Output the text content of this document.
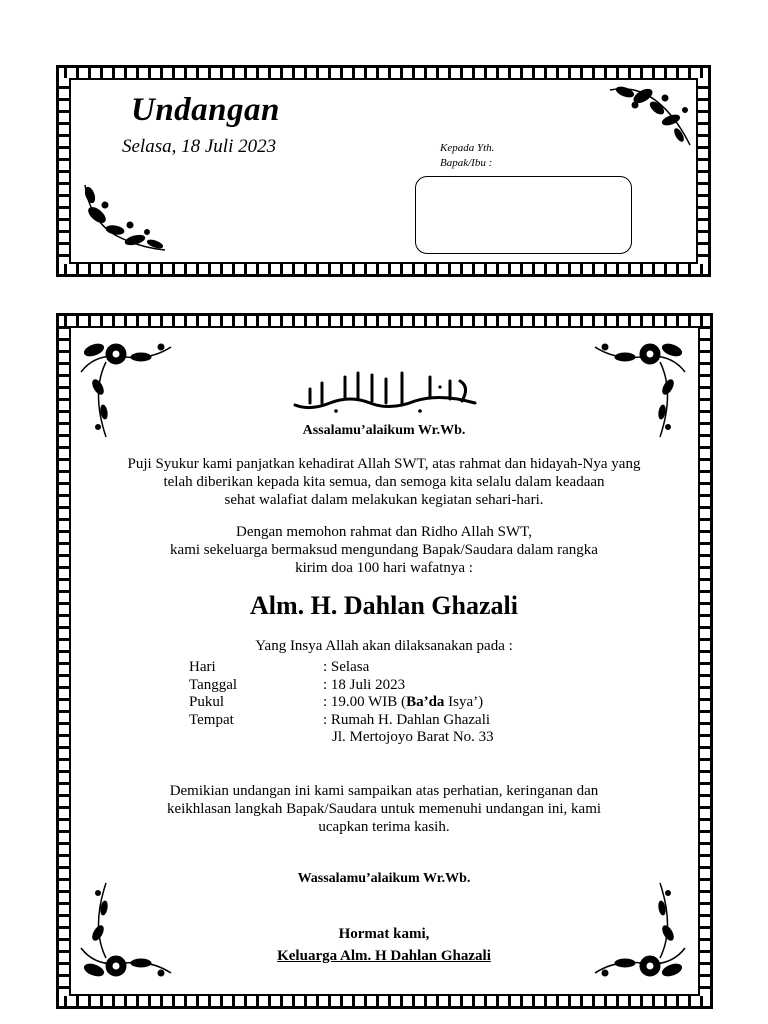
Undangan
Selasa, 18 Juli 2023	Kepada Yth.
Bapak/Ibu :
Assalamu’alaikum Wr.Wb.
Puji Syukur kami panjatkan kehadirat Allah SWT, atas rahmat dan hidayah-Nya yang
telah diberikan kepada kita semua, dan semoga kita selalu dalam keadaan
sehat walafiat dalam melakukan kegiatan sehari-hari.
Dengan memohon rahmat dan Ridho Allah SWT,
kami sekeluarga bermaksud mengundang Bapak/Saudara dalam rangka
kirim doa 100 hari wafatnya :
Alm. H. Dahlan Ghazali
Yang Insya Allah akan dilaksanakan pada :
Hari
Tanggal
Pukul
Tempat
: Selasa
: 18 Juli 2023
: 19.00 WIB (Ba’da Isya’)
: Rumah H. Dahlan Ghazali
Jl. Mertojoyo Barat No. 33
Demikian undangan ini kami sampaikan atas perhatian, keringanan dan
keikhlasan langkah Bapak/Saudara untuk memenuhi undangan ini, kami
ucapkan terima kasih.
Wassalamu’alaikum Wr.Wb.
Hormat kami,
Keluarga Alm. H Dahlan Ghazali
